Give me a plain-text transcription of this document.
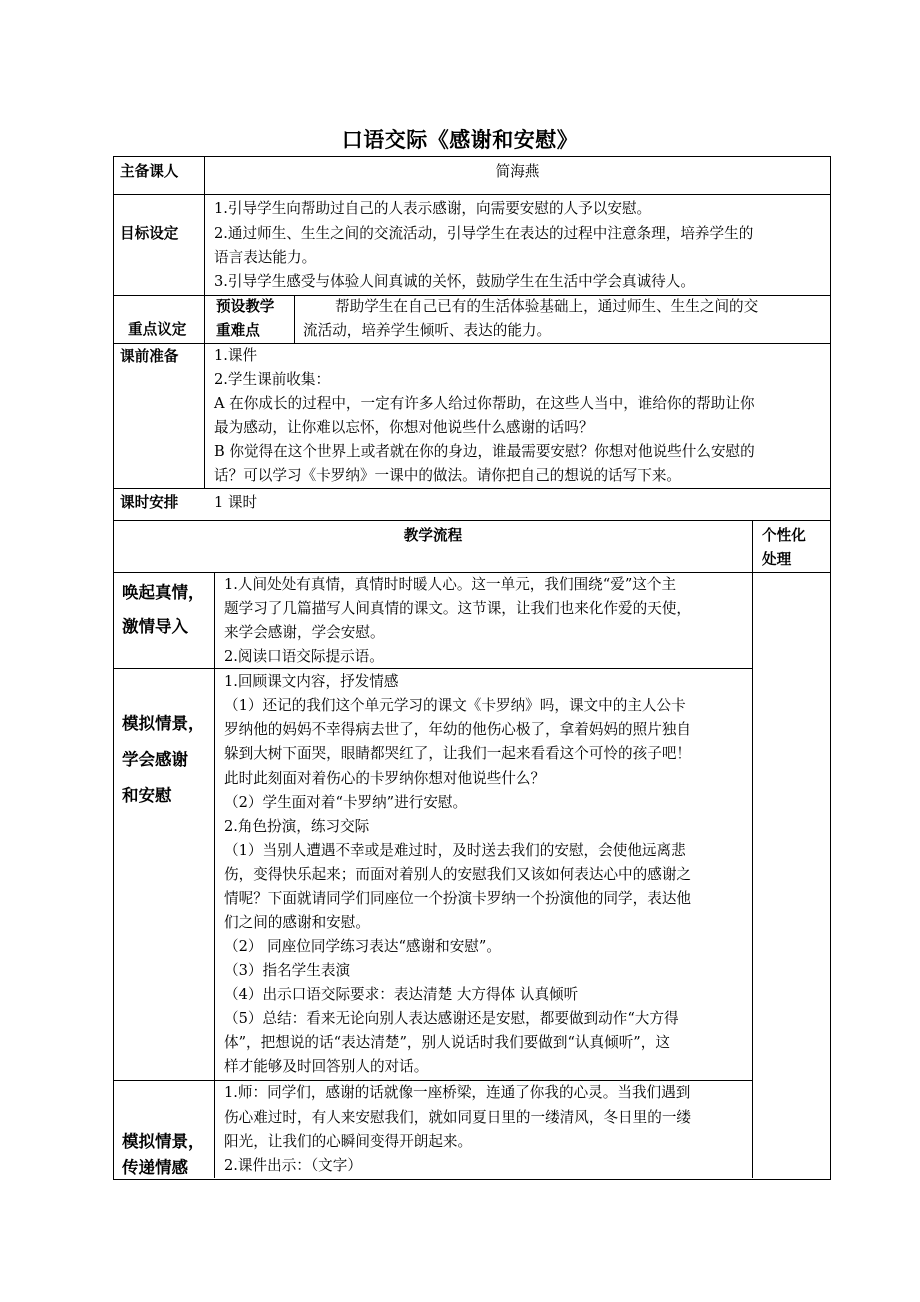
口语交际《感谢和安慰》
主备课人	简海燕
目标设定
1.引导学生向帮助过自己的人表示感谢，向需要安慰的人予以安慰。
2.通过师生、生生之间的交流活动，引导学生在表达的过程中注意条理，培养学生的
语言表达能力。
3.引导学生感受与体验人间真诚的关怀，鼓励学生在生活中学会真诚待人。
重点议定
预设教学
重难点
帮助学生在自己已有的生活体验基础上，通过师生、生生之间的交
流活动，培养学生倾听、表达的能力。
课前准备 1.课件
2.学生课前收集：
A 在你成长的过程中，一定有许多人给过你帮助，在这些人当中，谁给你的帮助让你
最为感动，让你难以忘怀，你想对他说些什么感谢的话吗？
B 你觉得在这个世界上或者就在你的身边，谁最需要安慰？你想对他说些什么安慰的
话？可以学习《卡罗纳》一课中的做法。请你把自己的想说的话写下来。
课时安排 1 课时
教学流程	个性化
处理
唤起真情，
激情导入
1.人间处处有真情，真情时时暖人心。这一单元，我们围绕“爱”这个主
题学习了几篇描写人间真情的课文。这节课，让我们也来化作爱的天使，
来学会感谢，学会安慰。
2.阅读口语交际提示语。
模拟情景，
学会感谢
和安慰
1.回顾课文内容，抒发情感
（1）还记的我们这个单元学习的课文《卡罗纳》吗，课文中的主人公卡
罗纳他的妈妈不幸得病去世了，年幼的他伤心极了，拿着妈妈的照片独自
躲到大树下面哭，眼睛都哭红了，让我们一起来看看这个可怜的孩子吧！
此时此刻面对着伤心的卡罗纳你想对他说些什么？
（2）学生面对着“卡罗纳”进行安慰。
2.角色扮演，练习交际
（1）当别人遭遇不幸或是难过时，及时送去我们的安慰，会使他远离悲
伤，变得快乐起来；而面对着别人的安慰我们又该如何表达心中的感谢之
情呢？下面就请同学们同座位一个扮演卡罗纳一个扮演他的同学，表达他
们之间的感谢和安慰。
（2） 同座位同学练习表达“感谢和安慰”。
（3）指名学生表演
（4）出示口语交际要求：表达清楚 大方得体 认真倾听
（5）总结：看来无论向别人表达感谢还是安慰，都要做到动作“大方得
体”，把想说的话“表达清楚”，别人说话时我们要做到“认真倾听”，这
样才能够及时回答别人的对话。
模拟情景，
传递情感
1.师：同学们，感谢的话就像一座桥梁，连通了你我的心灵。当我们遇到
伤心难过时，有人来安慰我们，就如同夏日里的一缕清风，冬日里的一缕
阳光，让我们的心瞬间变得开朗起来。
2.课件出示：（文字）
